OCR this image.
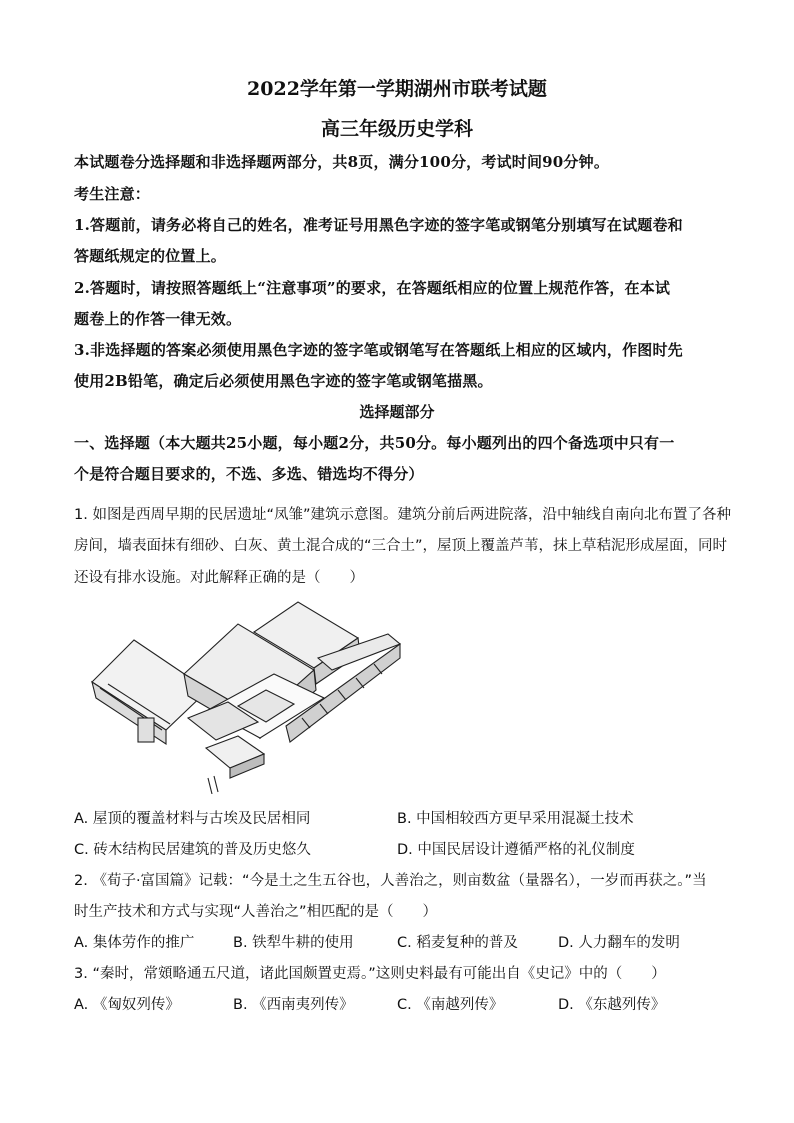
2022学年第一学期湖州市联考试题
高三年级历史学科
本试题卷分选择题和非选择题两部分，共8页，满分100分，考试时间90分钟。
考生注意：
1.答题前，请务必将自己的姓名，准考证号用黑色字迹的签字笔或钢笔分别填写在试题卷和
答题纸规定的位置上。
2.答题时，请按照答题纸上“注意事项”的要求，在答题纸相应的位置上规范作答，在本试
题卷上的作答一律无效。
3.非选择题的答案必须使用黑色字迹的签字笔或钢笔写在答题纸上相应的区域内，作图时先
使用2B铅笔，确定后必须使用黑色字迹的签字笔或钢笔描黑。
选择题部分
一、选择题（本大题共25小题，每小题2分，共50分。每小题列出的四个备选项中只有一
个是符合题目要求的，不选、多选、错选均不得分）
1. 如图是西周早期的民居遗址“凤雏”建筑示意图。建筑分前后两进院落，沿中轴线自南向北布置了各种
房间，墙表面抹有细砂、白灰、黄土混合成的“三合土”，屋顶上覆盖芦苇，抹上草秸泥形成屋面，同时
还设有排水设施。对此解释正确的是（　　）
A. 屋顶的覆盖材料与古埃及民居相同	B. 中国相较西方更早采用混凝土技术
C. 砖木结构民居建筑的普及历史悠久	D. 中国民居设计遵循严格的礼仪制度
2. 《荀子·富国篇》记载：“今是土之生五谷也，人善治之，则亩数盆（量器名），一岁而再获之。”当
时生产技术和方式与实现“人善治之”相匹配的是（　　）
A. 集体劳作的推广	B. 铁犁牛耕的使用	C. 稻麦复种的普及	D. 人力翻车的发明
3. “秦时，常頞略通五尺道，诸此国颇置吏焉。”这则史料最有可能出自《史记》中的（　　）
A. 《匈奴列传》	B. 《西南夷列传》	C. 《南越列传》	D. 《东越列传》
